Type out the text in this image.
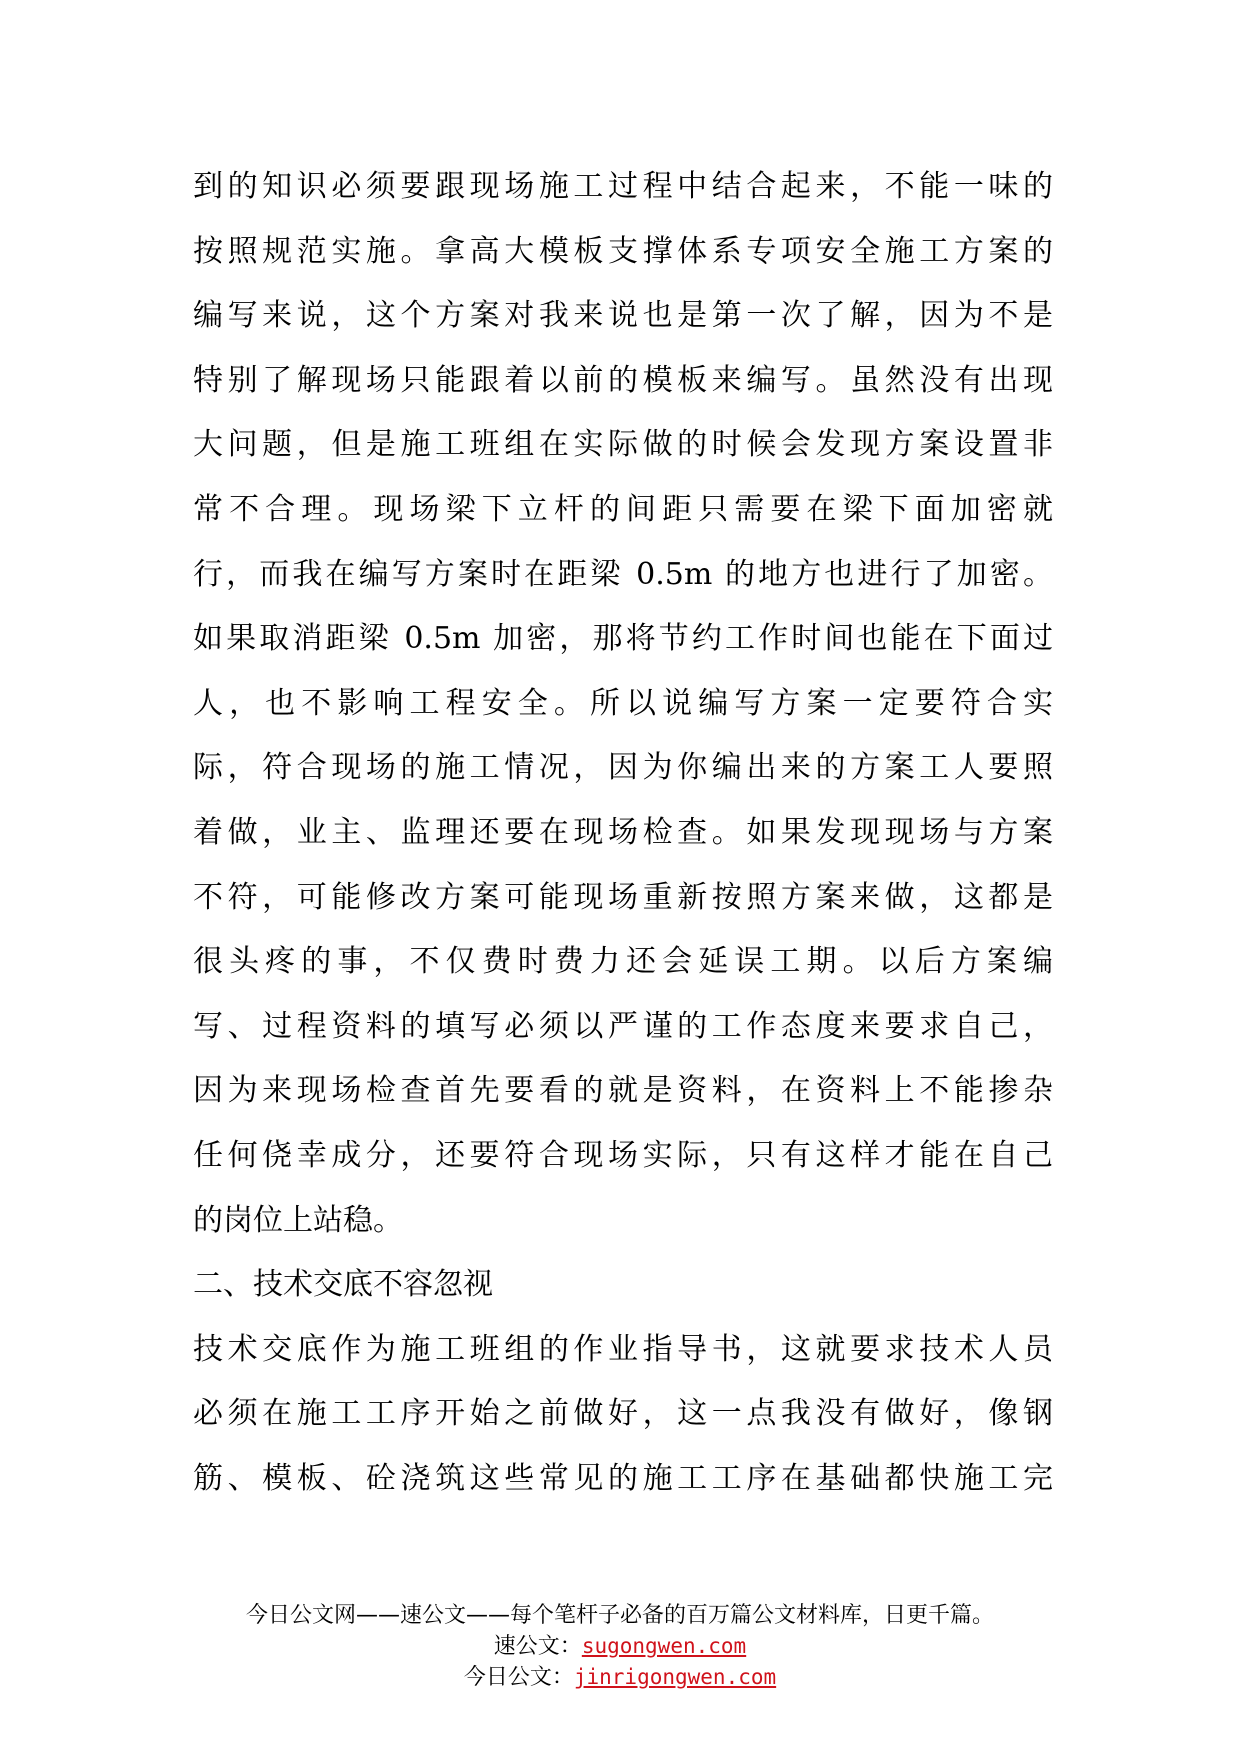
到的知识必须要跟现场施工过程中结合起来，不能一味的
按照规范实施。拿高大模板支撑体系专项安全施工方案的
编写来说，这个方案对我来说也是第一次了解，因为不是
特别了解现场只能跟着以前的模板来编写。虽然没有出现
大问题，但是施工班组在实际做的时候会发现方案设置非
常不合理。现场梁下立杆的间距只需要在梁下面加密就
行，而我在编写方案时在距梁 0.5m 的地方也进行了加密。
如果取消距梁 0.5m 加密，那将节约工作时间也能在下面过
人，也不影响工程安全。所以说编写方案一定要符合实
际，符合现场的施工情况，因为你编出来的方案工人要照
着做，业主、监理还要在现场检查。如果发现现场与方案
不符，可能修改方案可能现场重新按照方案来做，这都是
很头疼的事，不仅费时费力还会延误工期。以后方案编
写、过程资料的填写必须以严谨的工作态度来要求自己，
因为来现场检查首先要看的就是资料，在资料上不能掺杂
任何侥幸成分，还要符合现场实际，只有这样才能在自己
的岗位上站稳。
二、技术交底不容忽视
技术交底作为施工班组的作业指导书，这就要求技术人员
必须在施工工序开始之前做好，这一点我没有做好，像钢
筋、模板、砼浇筑这些常见的施工工序在基础都快施工完
今日公文网——速公文——每个笔杆子必备的百万篇公文材料库，日更千篇。
速公文：sugongwen.com
今日公文：jinrigongwen.com
